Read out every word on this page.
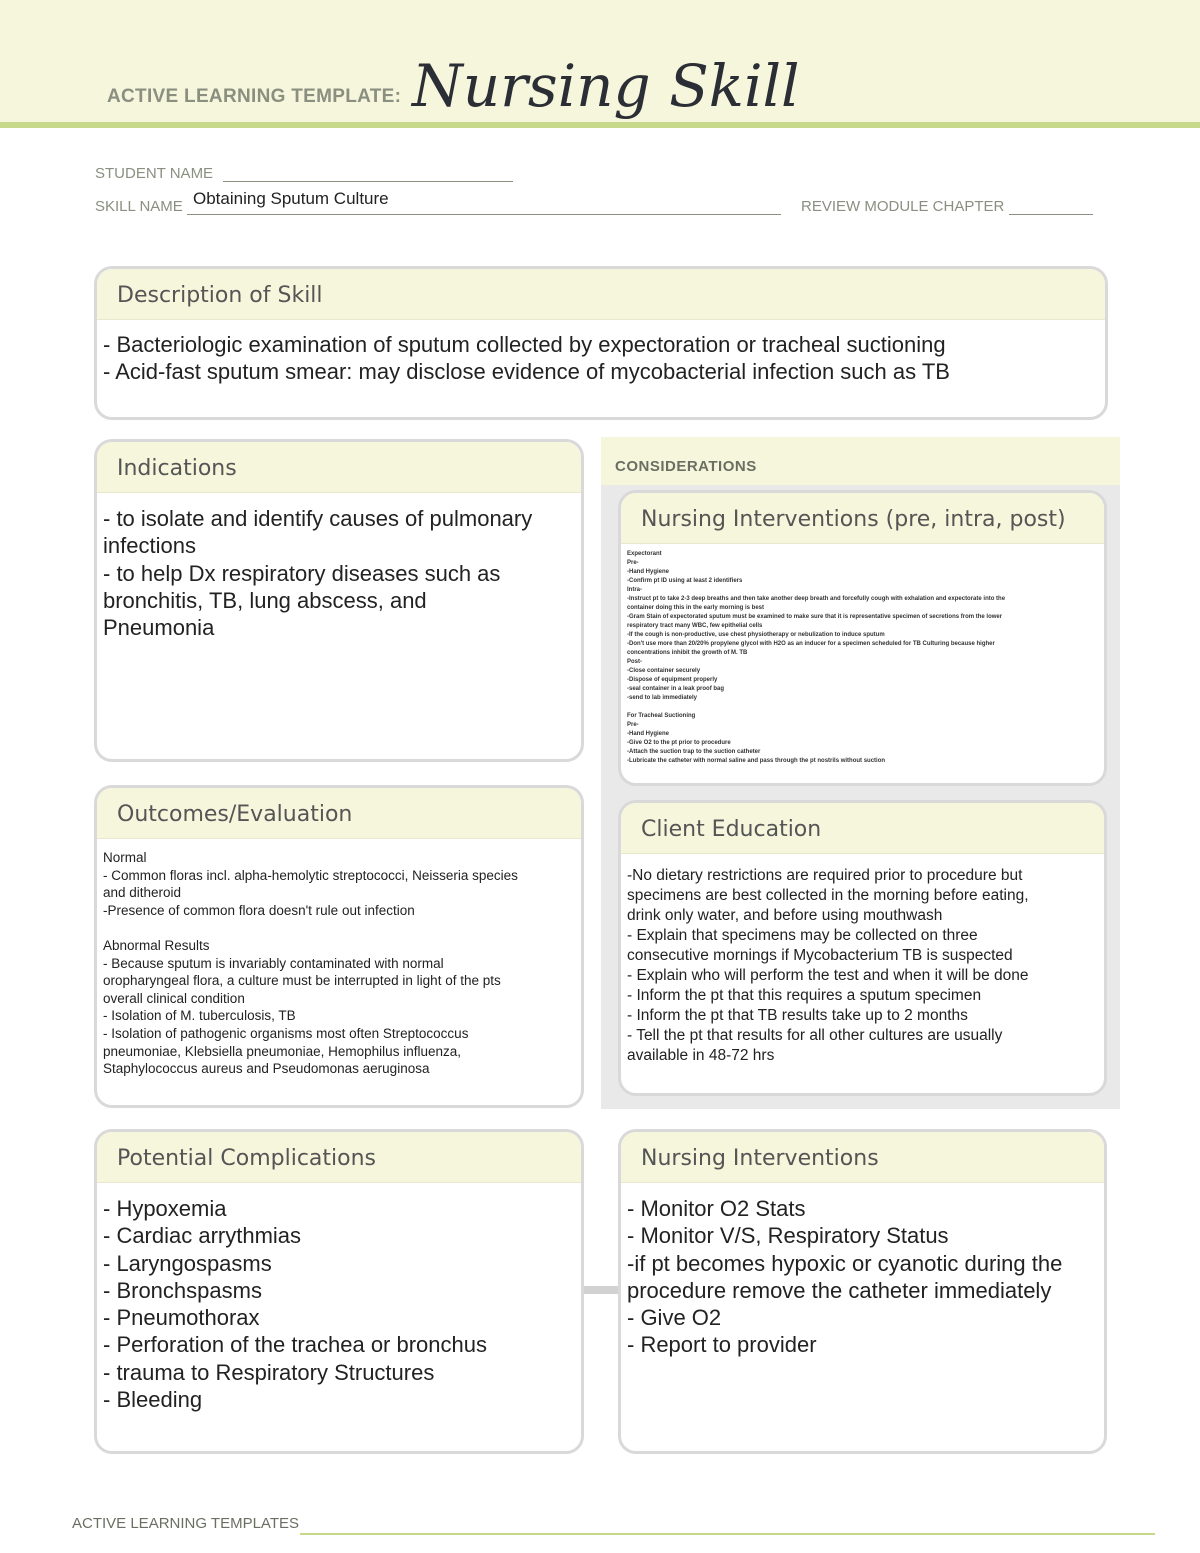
ACTIVE LEARNING TEMPLATE: Nursing Skill
STUDENT NAME
SKILL NAME Obtaining Sputum Culture	REVIEW MODULE CHAPTER
Description of Skill
- Bacteriologic examination of sputum collected by expectoration or tracheal suctioning
- Acid-fast sputum smear: may disclose evidence of mycobacterial infection such as TB
Indications
- to isolate and identify causes of pulmonary
infections
- to help Dx respiratory diseases such as
bronchitis, TB, lung abscess, and
Pneumonia
CONSIDERATIONS
Nursing Interventions (pre, intra, post)
Expectorant
Pre-
-Hand Hygiene
-Confirm pt ID using at least 2 identifiers
Intra-
-Instruct pt to take 2-3 deep breaths and then take another deep breath and forcefully cough with exhalation and expectorate into the
container doing this in the early morning is best
-Gram Stain of expectorated sputum must be examined to make sure that it is representative specimen of secretions from the lower
respiratory tract many WBC, few epithelial cells
-If the cough is non-productive, use chest physiotherapy or nebulization to induce sputum
-Don't use more than 20/20% propylene glycol with H2O as an inducer for a specimen scheduled for TB Culturing because higher
concentrations inhibit the growth of M. TB
Post-
-Close container securely
-Dispose of equipment properly
-seal container in a leak proof bag
-send to lab immediately
For Tracheal Suctioning
Pre-
-Hand Hygiene
-Give O2 to the pt prior to procedure
-Attach the suction trap to the suction catheter
-Lubricate the catheter with normal saline and pass through the pt nostrils without suction
Outcomes/Evaluation
Normal
- Common floras incl. alpha-hemolytic streptococci, Neisseria species
and ditheroid
-Presence of common flora doesn't rule out infection
Abnormal Results
- Because sputum is invariably contaminated with normal
oropharyngeal flora, a culture must be interrupted in light of the pts
overall clinical condition
- Isolation of M. tuberculosis, TB
- Isolation of pathogenic organisms most often Streptococcus
pneumoniae, Klebsiella pneumoniae, Hemophilus influenza,
Staphylococcus aureus and Pseudomonas aeruginosa
Client Education
-No dietary restrictions are required prior to procedure but
specimens are best collected in the morning before eating,
drink only water, and before using mouthwash
- Explain that specimens may be collected on three
consecutive mornings if Mycobacterium TB is suspected
- Explain who will perform the test and when it will be done
- Inform the pt that this requires a sputum specimen
- Inform the pt that TB results take up to 2 months
- Tell the pt that results for all other cultures are usually
available in 48-72 hrs
Potential Complications
- Hypoxemia
- Cardiac arrythmias
- Laryngospasms
- Bronchspasms
- Pneumothorax
- Perforation of the trachea or bronchus
- trauma to Respiratory Structures
- Bleeding
Nursing Interventions
- Monitor O2 Stats
- Monitor V/S, Respiratory Status
-if pt becomes hypoxic or cyanotic during the
procedure remove the catheter immediately
- Give O2
- Report to provider
ACTIVE LEARNING TEMPLATES
